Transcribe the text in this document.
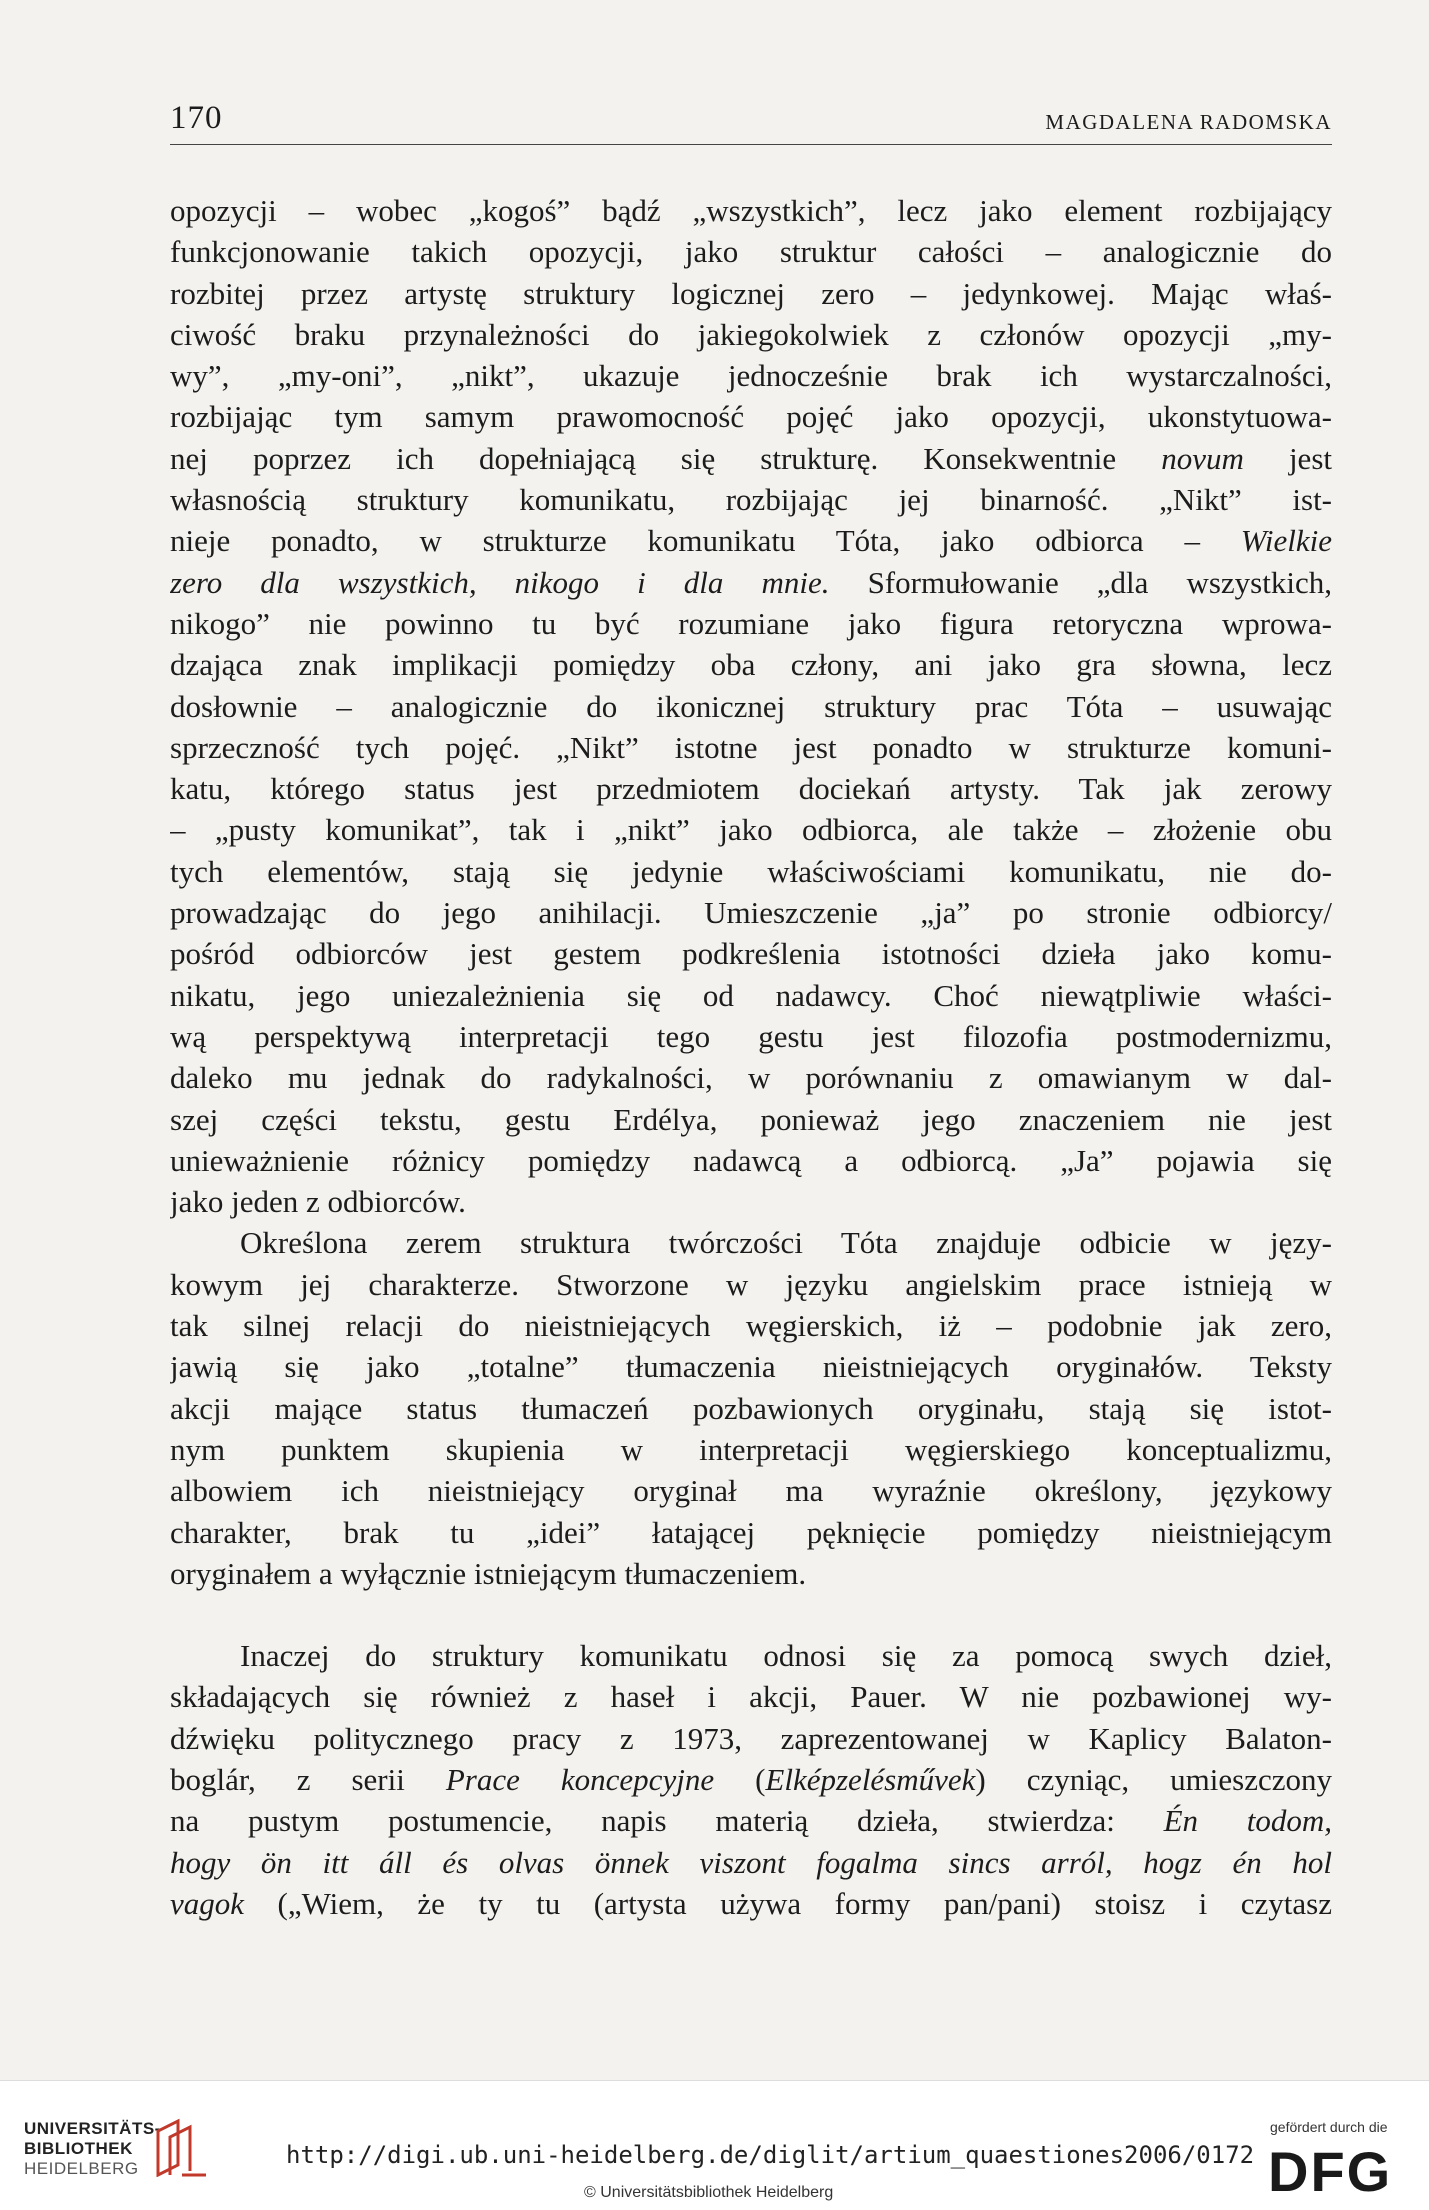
170	MAGDALENA RADOMSKA

opozycji – wobec „kogoś” bądź „wszystkich”, lecz jako element rozbijający
funkcjonowanie takich opozycji, jako struktur całości – analogicznie do
rozbitej przez artystę struktury logicznej zero – jedynkowej. Mając właś-
ciwość braku przynależności do jakiegokolwiek z członów opozycji „my-
wy”, „my-oni”, „nikt”, ukazuje jednocześnie brak ich wystarczalności,
rozbijając tym samym prawomocność pojęć jako opozycji, ukonstytuowa-
nej poprzez ich dopełniającą się strukturę. Konsekwentnie novum jest
własnością struktury komunikatu, rozbijając jej binarność. „Nikt” ist-
nieje ponadto, w strukturze komunikatu Tóta, jako odbiorca – Wielkie
zero dla wszystkich, nikogo i dla mnie. Sformułowanie „dla wszystkich,
nikogo” nie powinno tu być rozumiane jako figura retoryczna wprowa-
dzająca znak implikacji pomiędzy oba człony, ani jako gra słowna, lecz
dosłownie – analogicznie do ikonicznej struktury prac Tóta – usuwając
sprzeczność tych pojęć. „Nikt” istotne jest ponadto w strukturze komuni-
katu, którego status jest przedmiotem dociekań artysty. Tak jak zerowy
– „pusty komunikat”, tak i „nikt” jako odbiorca, ale także – złożenie obu
tych elementów, stają się jedynie właściwościami komunikatu, nie do-
prowadzając do jego anihilacji. Umieszczenie „ja” po stronie odbiorcy/
pośród odbiorców jest gestem podkreślenia istotności dzieła jako komu-
nikatu, jego uniezależnienia się od nadawcy. Choć niewątpliwie właści-
wą perspektywą interpretacji tego gestu jest filozofia postmodernizmu,
daleko mu jednak do radykalności, w porównaniu z omawianym w dal-
szej części tekstu, gestu Erdélya, ponieważ jego znaczeniem nie jest
unieważnienie różnicy pomiędzy nadawcą a odbiorcą. „Ja” pojawia się
jako jeden z odbiorców.

Określona zerem struktura twórczości Tóta znajduje odbicie w języ-
kowym jej charakterze. Stworzone w języku angielskim prace istnieją w
tak silnej relacji do nieistniejących węgierskich, iż – podobnie jak zero,
jawią się jako „totalne” tłumaczenia nieistniejących oryginałów. Teksty
akcji mające status tłumaczeń pozbawionych oryginału, stają się istot-
nym punktem skupienia w interpretacji węgierskiego konceptualizmu,
albowiem ich nieistniejący oryginał ma wyraźnie określony, językowy
charakter, brak tu „idei” łatającej pęknięcie pomiędzy nieistniejącym
oryginałem a wyłącznie istniejącym tłumaczeniem.

Inaczej do struktury komunikatu odnosi się za pomocą swych dzieł,
składających się również z haseł i akcji, Pauer. W nie pozbawionej wy-
dźwięku politycznego pracy z 1973, zaprezentowanej w Kaplicy Balaton-
boglár, z serii Prace koncepcyjne (Elképzelésművek) czyniąc, umieszczony
na pustym postumencie, napis materią dzieła, stwierdza: Én todom,
hogy ön itt áll és olvas önnek viszont fogalma sincs arról, hogz én hol
vagok („Wiem, że ty tu (artysta używa formy pan/pani) stoisz i czytasz

UNIVERSITÄTS-
BIBLIOTHEK
HEIDELBERG	http://digi.ub.uni-heidelberg.de/diglit/artium_quaestiones2006/0172
© Universitätsbibliothek Heidelberg
gefördert durch die
DFG
